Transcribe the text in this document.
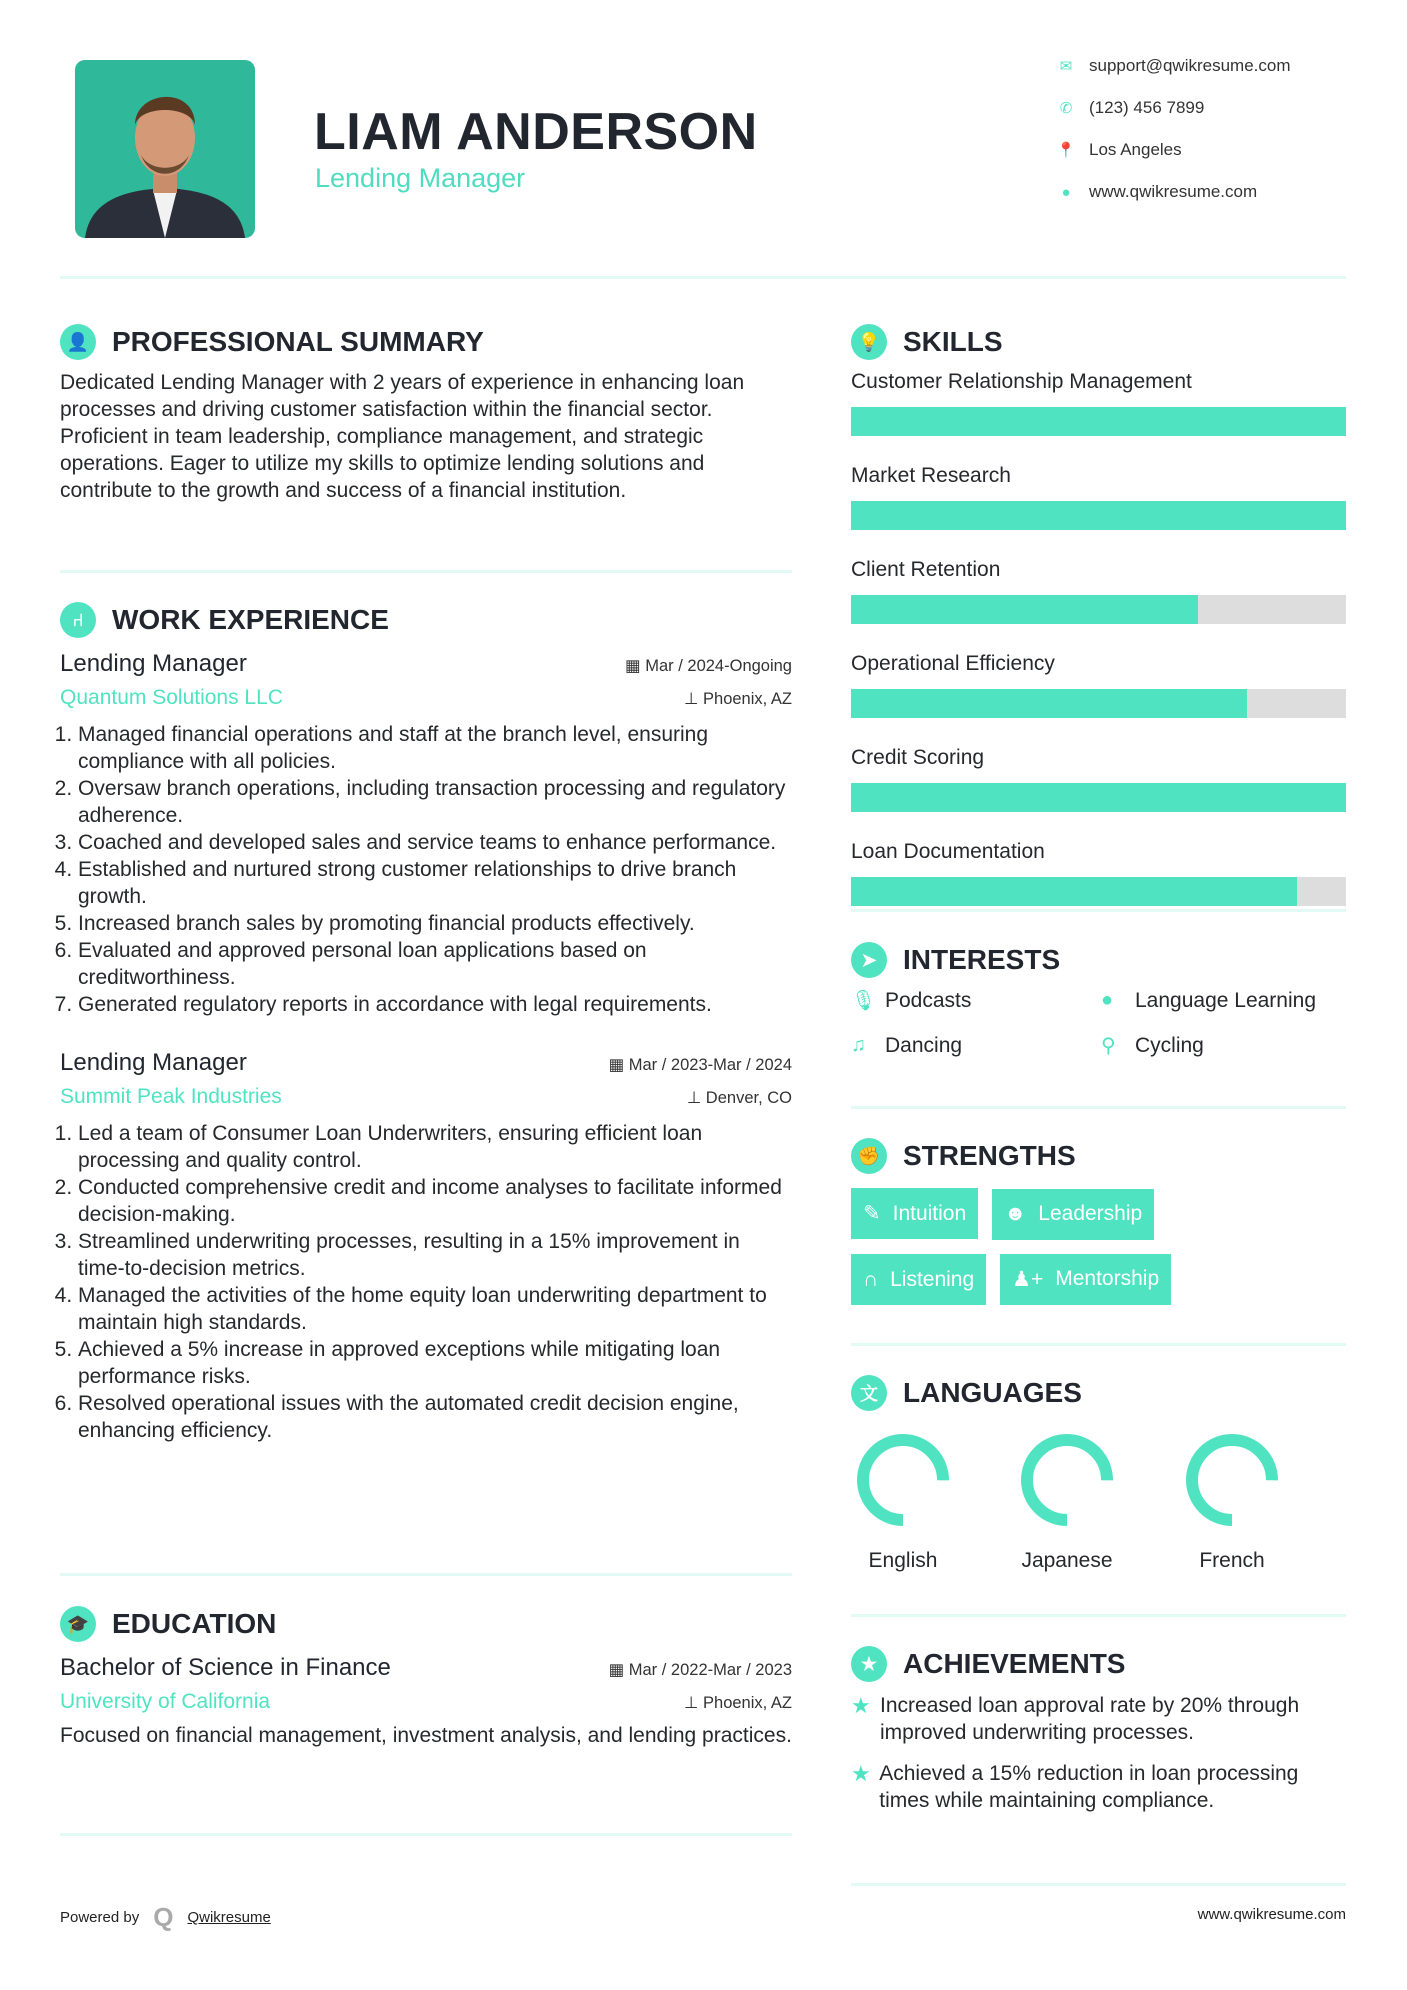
LIAM ANDERSON
Lending Manager
✉ support@qwikresume.com
✆ (123) 456 7899
📍 Los Angeles
●	www.qwikresume.com
👤 PROFESSIONAL SUMMARY

Dedicated Lending Manager with 2 years of experience in enhancing loan processes and driving customer satisfaction within the financial sector. Proficient in team leadership, compliance management, and strategic operations. Eager to utilize my skills to optimize lending solutions and contribute to the growth and success of a financial institution.

⑁	WORK EXPERIENCE
Lending Manager	▦ Mar / 2024-Ongoing
Quantum Solutions LLC	⊥ Phoenix, AZ
1. Managed financial operations and staff at the branch level, ensuring compliance with all policies.
2. Oversaw branch operations, including transaction processing and regulatory adherence.
3. Coached and developed sales and service teams to enhance performance.
4. Established and nurtured strong customer relationships to drive branch growth.
5. Increased branch sales by promoting financial products effectively.
6. Evaluated and approved personal loan applications based on creditworthiness.
7. Generated regulatory reports in accordance with legal requirements.
Lending Manager	▦ Mar / 2023-Mar / 2024
Summit Peak Industries	⊥ Denver, CO
1. Led a team of Consumer Loan Underwriters, ensuring efficient loan processing and quality control.
2. Conducted comprehensive credit and income analyses to facilitate informed decision-making.
3. Streamlined underwriting processes, resulting in a 15% improvement in time-to-decision metrics.
4. Managed the activities of the home equity loan underwriting department to maintain high standards.
5. Achieved a 5% increase in approved exceptions while mitigating loan performance risks.
6. Resolved operational issues with the automated credit decision engine, enhancing efficiency.
🎓 EDUCATION
Bachelor of Science in Finance	▦ Mar / 2022-Mar / 2023
University of California	⊥ Phoenix, AZ

Focused on financial management, investment analysis, and lending practices.

💡 SKILLS
Customer Relationship Management
Market Research
Client Retention
Operational Efficiency
Credit Scoring
Loan Documentation
➤ INTERESTS
🎙 Podcasts	●	Language Learning
♫ Dancing	⚲ Cycling
✊ STRENGTHS
✎ Intuition ☻ Leadership
∩ Listening ♟+ Mentorship
文 LANGUAGES
English	Japanese	French
★ ACHIEVEMENTS
★ Increased loan approval rate by 20% through improved underwriting processes.
★ Achieved a 15% reduction in loan processing times while maintaining compliance.
Powered by Q Qwikresume	www.qwikresume.com
